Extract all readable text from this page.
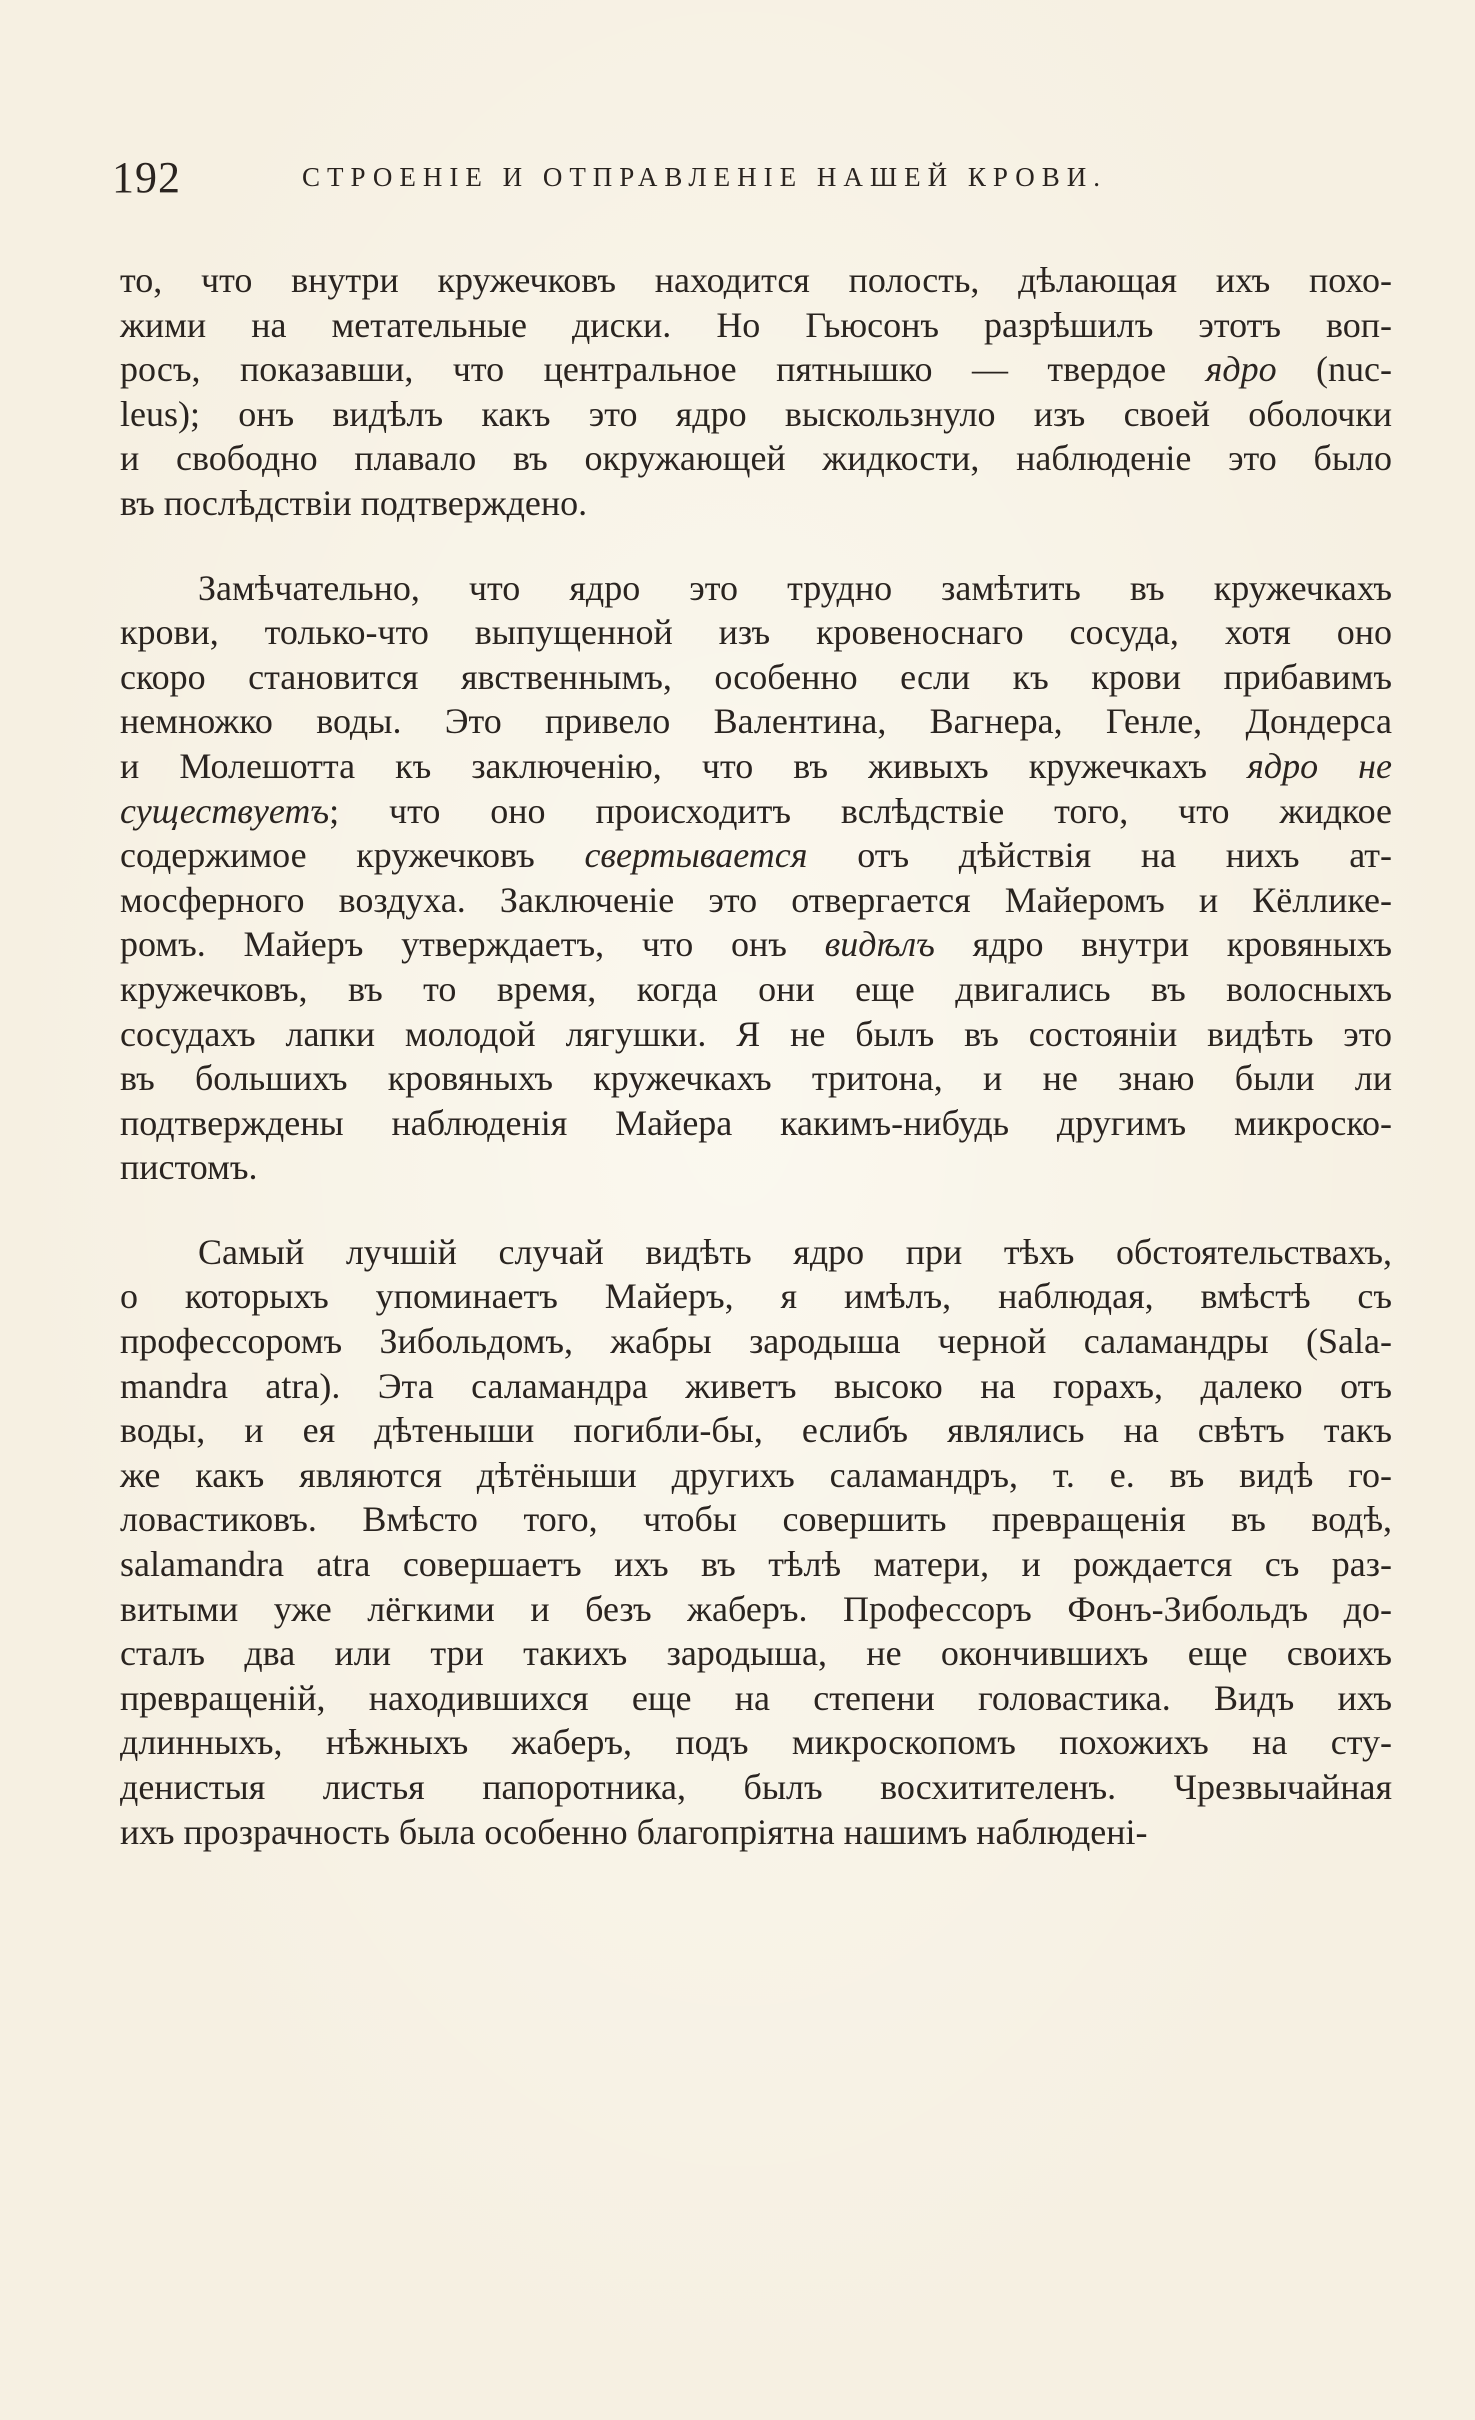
192	СТРОЕНІЕ И ОТПРАВЛЕНІЕ НАШЕЙ КРОВИ.
то, что внутри кружечковъ находится полость, дѣлающая ихъ похо-
жими на метательные диски. Но Гьюсонъ разрѣшилъ этотъ воп-
росъ, показавши, что центральное пятнышко — твердое ядро (nuc-
leus); онъ видѣлъ какъ это ядро выскользнуло изъ своей оболочки
и свободно плавало въ окружающей жидкости, наблюденіе это было
въ послѣдствіи подтверждено.
Замѣчательно, что ядро это трудно замѣтить въ кружечкахъ
крови, только-что выпущенной изъ кровеноснаго сосуда, хотя оно
скоро становится явственнымъ, особенно если къ крови прибавимъ
немножко воды. Это привело Валентина, Вагнера, Генле, Дондерса
и Молешотта къ заключенію, что въ живыхъ кружечкахъ ядро не
существуетъ; что оно происходитъ вслѣдствіе того, что жидкое
содержимое кружечковъ свертывается отъ дѣйствія на нихъ ат-
мосферного воздуха. Заключеніе это отвергается Майеромъ и Кёллике-
ромъ. Майеръ утверждаетъ, что онъ видѣлъ ядро внутри кровяныхъ
кружечковъ, въ то время, когда они еще двигались въ волосныхъ
сосудахъ лапки молодой лягушки. Я не былъ въ состояніи видѣть это
въ большихъ кровяныхъ кружечкахъ тритона, и не знаю были ли
подтверждены наблюденія Майера какимъ-нибудь другимъ микроско-
пистомъ.
Самый лучшій случай видѣть ядро при тѣхъ обстоятельствахъ,
о которыхъ упоминаетъ Майеръ, я имѣлъ, наблюдая, вмѣстѣ съ
профессоромъ Зибольдомъ, жабры зародыша черной саламандры (Sala-
mandra atra). Эта саламандра живетъ высоко на горахъ, далеко отъ
воды, и ея дѣтеныши погибли-бы, еслибъ являлись на свѣтъ такъ
же какъ являются дѣтёныши другихъ саламандръ, т. е. въ видѣ го-
ловастиковъ. Вмѣсто того, чтобы совершить превращенія въ водѣ,
salamandra atra совершаетъ ихъ въ тѣлѣ матери, и рождается съ раз-
витыми уже лёгкими и безъ жаберъ. Профессоръ Фонъ-Зибольдъ до-
сталъ два или три такихъ зародыша, не окончившихъ еще своихъ
превращеній, находившихся еще на степени головастика. Видъ ихъ
длинныхъ, нѣжныхъ жаберъ, подъ микроскопомъ похожихъ на сту-
денистыя листья папоротника, былъ восхитителенъ. Чрезвычайная
ихъ прозрачность была особенно благопріятна нашимъ наблюдені-
